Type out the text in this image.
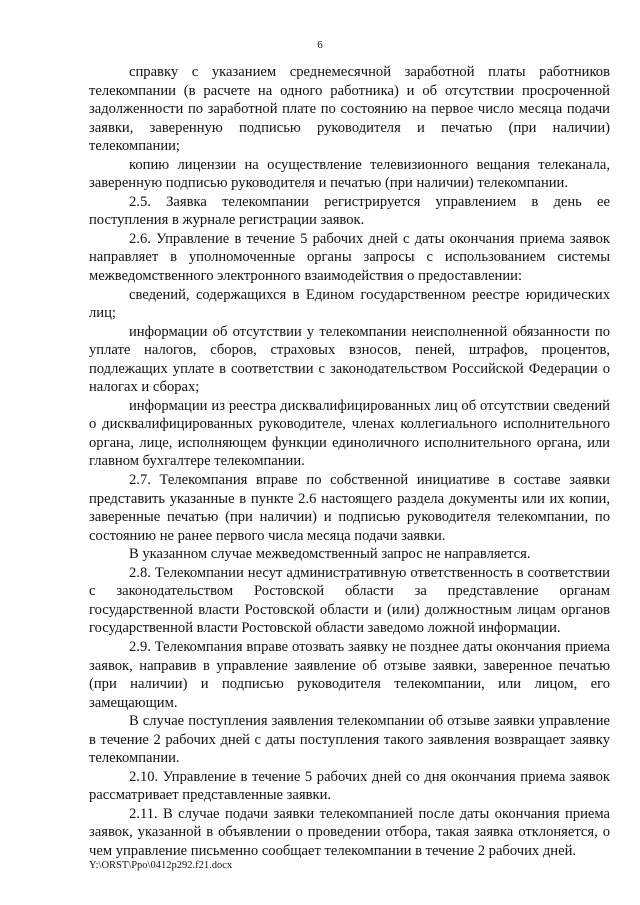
6

справку с указанием среднемесячной заработной платы работников телекомпании (в расчете на одного работника) и об отсутствии просроченной задолженности по заработной плате по состоянию на первое число месяца подачи заявки, заверенную подписью руководителя и печатью (при наличии) телекомпании;

копию лицензии на осуществление телевизионного вещания телеканала, заверенную подписью руководителя и печатью (при наличии) телекомпании.

2.5. Заявка телекомпании регистрируется управлением в день ее поступления в журнале регистрации заявок.

2.6. Управление в течение 5 рабочих дней с даты окончания приема заявок направляет в уполномоченные органы запросы с использованием системы межведомственного электронного взаимодействия о предоставлении:

сведений, содержащихся в Едином государственном реестре юридических лиц;

информации об отсутствии у телекомпании неисполненной обязанности по уплате налогов, сборов, страховых взносов, пеней, штрафов, процентов, подлежащих уплате в соответствии с законодательством Российской Федерации о налогах и сборах;

информации из реестра дисквалифицированных лиц об отсутствии сведений о дисквалифицированных руководителе, членах коллегиального исполнительного органа, лице, исполняющем функции единоличного исполнительного органа, или главном бухгалтере телекомпании.

2.7. Телекомпания вправе по собственной инициативе в составе заявки представить указанные в пункте 2.6 настоящего раздела документы или их копии, заверенные печатью (при наличии) и подписью руководителя телекомпании, по состоянию не ранее первого числа месяца подачи заявки.

В указанном случае межведомственный запрос не направляется.

2.8. Телекомпании несут административную ответственность в соответствии с законодательством Ростовской области за представление органам государственной власти Ростовской области и (или) должностным лицам органов государственной власти Ростовской области заведомо ложной информации.

2.9. Телекомпания вправе отозвать заявку не позднее даты окончания приема заявок, направив в управление заявление об отзыве заявки, заверенное печатью (при наличии) и подписью руководителя телекомпании, или лицом, его замещающим.

В случае поступления заявления телекомпании об отзыве заявки управление в течение 2 рабочих дней с даты поступления такого заявления возвращает заявку телекомпании.

2.10. Управление в течение 5 рабочих дней со дня окончания приема заявок рассматривает представленные заявки.

2.11. В случае подачи заявки телекомпанией после даты окончания приема заявок, указанной в объявлении о проведении отбора, такая заявка отклоняется, о чем управление письменно сообщает телекомпании в течение 2 рабочих дней.

Y:\ORST\Ppo\0412p292.f21.docx
